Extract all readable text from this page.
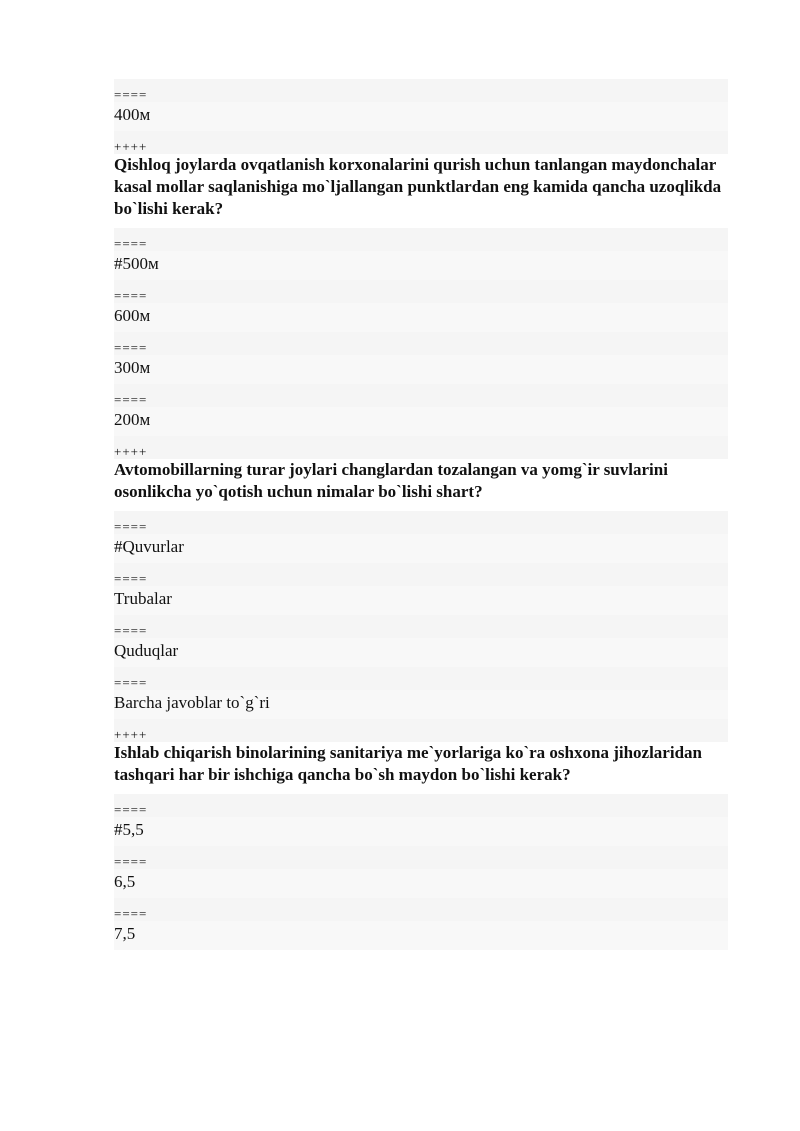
====

400м

++++

Qishloq joylarda ovqatlanish korxonalarini qurish uchun tanlangan maydonchalar kasal mollar saqlanishiga mo`ljallangan punktlardan eng kamida qancha uzoqlikda bo`lishi kerak?

====

#500м

====

600м

====

300м

====

200м

++++

Avtomobillarning turar joylari changlardan tozalangan va yomg`ir suvlarini osonlikcha yo`qotish uchun nimalar bo`lishi shart?

====

#Quvurlar

====

Trubalar

====

Quduqlar

====

Barcha javoblar to`g`ri

++++

Ishlab chiqarish binolarining sanitariya me`yorlariga ko`ra oshxona jihozlaridan tashqari har bir ishchiga qancha bo`sh maydon bo`lishi kerak?

====

#5,5

====

6,5

====

7,5
